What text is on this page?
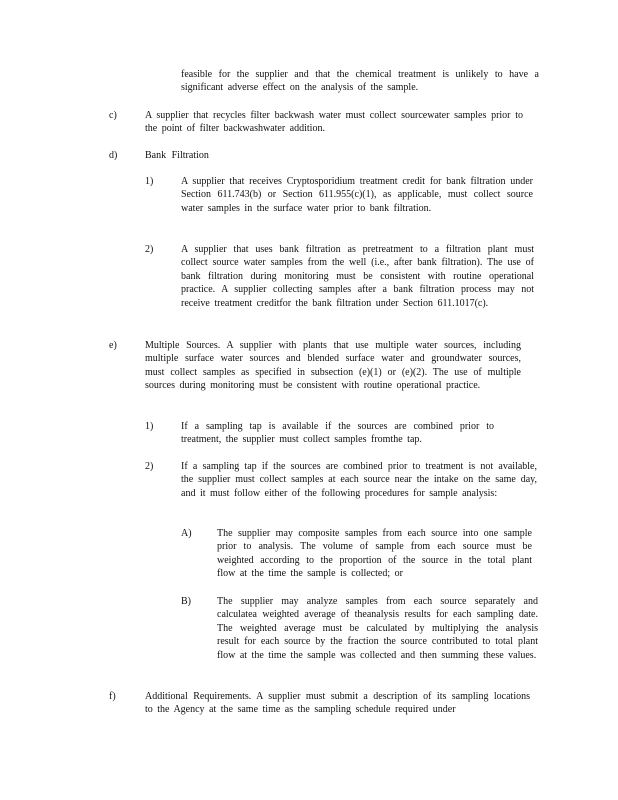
feasible for the supplier and that the chemical treatment is unlikely to have a significant adverse effect on the analysis of the sample.

c)	A supplier that recycles filter backwash water must collect sourcewater samples prior to the point of filter backwashwater addition.

d)	Bank Filtration

1)	A supplier that receives Cryptosporidium treatment credit for bank filtration under Section 611.743(b) or Section 611.955(c)(1), as applicable, must collect source water samples in the surface water prior to bank filtration.

2)	A supplier that uses bank filtration as pretreatment to a filtration plant must collect source water samples from the well (i.e., after bank filtration). The use of bank filtration during monitoring must be consistent with routine operational practice. A supplier collecting samples after a bank filtration process may not receive treatment creditfor the bank filtration under Section 611.1017(c).

e)	Multiple Sources. A supplier with plants that use multiple water sources, including multiple surface water sources and blended surface water and groundwater sources, must collect samples as specified in subsection (e)(1) or (e)(2). The use of multiple sources during monitoring must be consistent with routine operational practice.

1)	If a sampling tap is available if the sources are combined prior to treatment, the supplier must collect samples fromthe tap.

2)	If a sampling tap if the sources are combined prior to treatment is not available, the supplier must collect samples at each source near the intake on the same day, and it must follow either of the following procedures for sample analysis:

A)	The supplier may composite samples from each source into one sample prior to analysis. The volume of sample from each source must be weighted according to the proportion of the source in the total plant flow at the time the sample is collected; or

B)	The supplier may analyze samples from each source separately and calculatea weighted average of theanalysis results for each sampling date. The weighted average must be calculated by multiplying the analysis result for each source by the fraction the source contributed to total plant flow at the time the sample was collected and then summing these values.

f)	Additional Requirements. A supplier must submit a description of its sampling locations to the Agency at the same time as the sampling schedule required under
